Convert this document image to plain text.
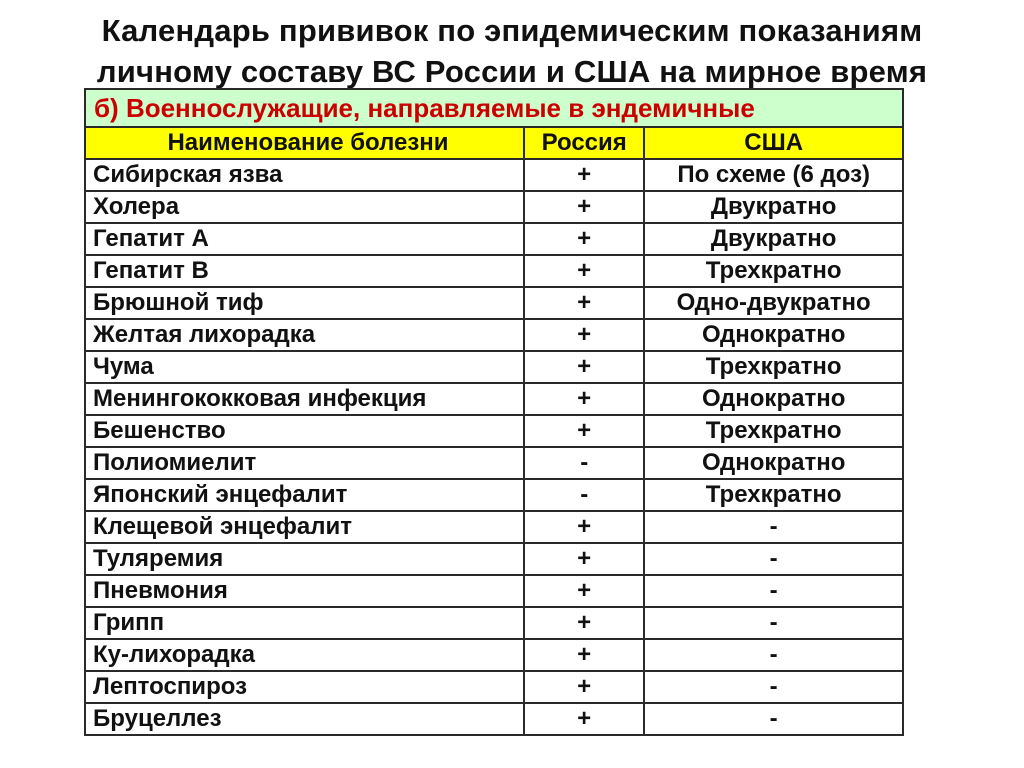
Календарь прививок по эпидемическим показаниям
личному составу ВС России и США на мирное время
б) Военнослужащие, направляемые в эндемичные		
Наименование болезни	Россия	США
Сибирская язва	+	По схеме (6 доз)
Холера	+	Двукратно
Гепатит А	+	Двукратно
Гепатит В	+	Трехкратно
Брюшной тиф	+	Одно-двукратно
Желтая лихорадка	+	Однократно
Чума	+	Трехкратно
Менингококковая инфекция	+	Однократно
Бешенство	+	Трехкратно
Полиомиелит	-	Однократно
Японский энцефалит	-	Трехкратно
Клещевой энцефалит	+	-
Туляремия	+	-
Пневмония	+	-
Грипп	+	-
Ку-лихорадка	+	-
Лептоспироз	+	-
Бруцеллез	+	-
